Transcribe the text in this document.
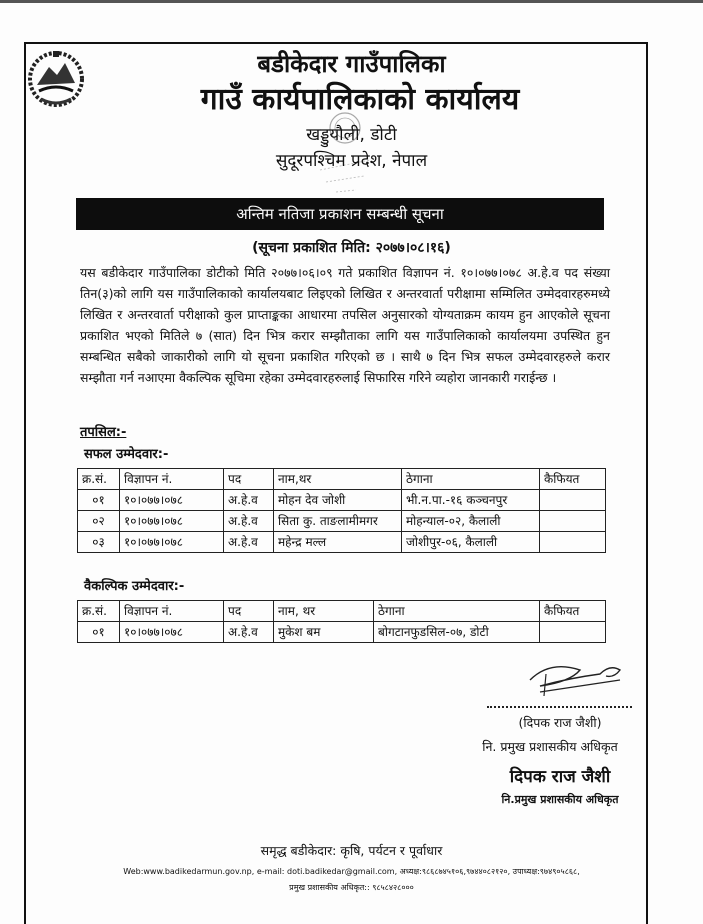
बडीकेदार गाउँपालिका
गाउँ कार्यपालिकाको कार्यालय
खड्डुयौली, डोटी
सुदूरपश्चिम प्रदेश, नेपाल
अन्तिम नतिजा प्रकाशन सम्बन्धी सूचना
(सूचना प्रकाशित मिति: २०७७।०८।१६)
यस बडीकेदार गाउँपालिका डोटीको मिति २०७७।०६।०९ गते प्रकाशित विज्ञापन नं. १०।०७७।०७८ अ.हे.व पद संख्या तिन(३)को लागि यस गाउँपालिकाको कार्यालयबाट लिइएको लिखित र अन्तरवार्ता परीक्षामा सम्मिलित उम्मेदवारहरुमध्ये लिखित र अन्तरवार्ता परीक्षाको कुल प्राप्ताङ्कका आधारमा तपसिल अनुसारको योग्यताक्रम कायम हुन आएकोले सूचना प्रकाशित भएको मितिले ७ (सात) दिन भित्र करार सम्झौताका लागि यस गाउँपालिकाको कार्यालयमा उपस्थित हुन सम्बन्धित सबैको जाकारीको लागि यो सूचना प्रकाशित गरिएको छ । साथै ७ दिन भित्र सफल उम्मेदवारहरुले करार सम्झौता गर्न नआएमा वैकल्पिक सूचिमा रहेका उम्मेदवारहरुलाई सिफारिस गरिने व्यहोरा जानकारी गराईन्छ ।
तपसिल:-
सफल उम्मेदवार:-
क्र.सं.	विज्ञापन नं.	पद	नाम,थर	ठेगाना	कैफियत
०१	१०।०७७।०७८	अ.हे.व	मोहन देव जोशी	भी.न.पा.-१६ कञ्चनपुर	
०२	१०।०७७।०७८	अ.हे.व	सिता कु. ताङलामीमगर	मोहन्याल-०२, कैलाली	
०३	१०।०७७।०७८	अ.हे.व	महेन्द्र मल्ल	जोशीपुर-०६, कैलाली	
वैकल्पिक उम्मेदवार:-
क्र.सं.	विज्ञापन नं.	पद	नाम, थर	ठेगाना	कैफियत
०१	१०।०७७।०७८	अ.हे.व	मुकेश बम	बोगटानफुडसिल-०७, डोटी	
(दिपक राज जैशी)
नि. प्रमुख प्रशासकीय अधिकृत
दिपक राज जैशी
नि.प्रमुख प्रशासकीय अधिकृत
समृद्ध बडीकेदार: कृषि, पर्यटन र पूर्वाधार
Web:www.badikedarmun.gov.np, e-mail: doti.badikedar@gmail.com, अध्यक्ष:९८६८७४५१०६,९७४४०८२१२०, उपाध्यक्ष:९७४९०५८६८,
प्रमुख प्रशासकीय अधिकृत:: ९८५८४२८०००
